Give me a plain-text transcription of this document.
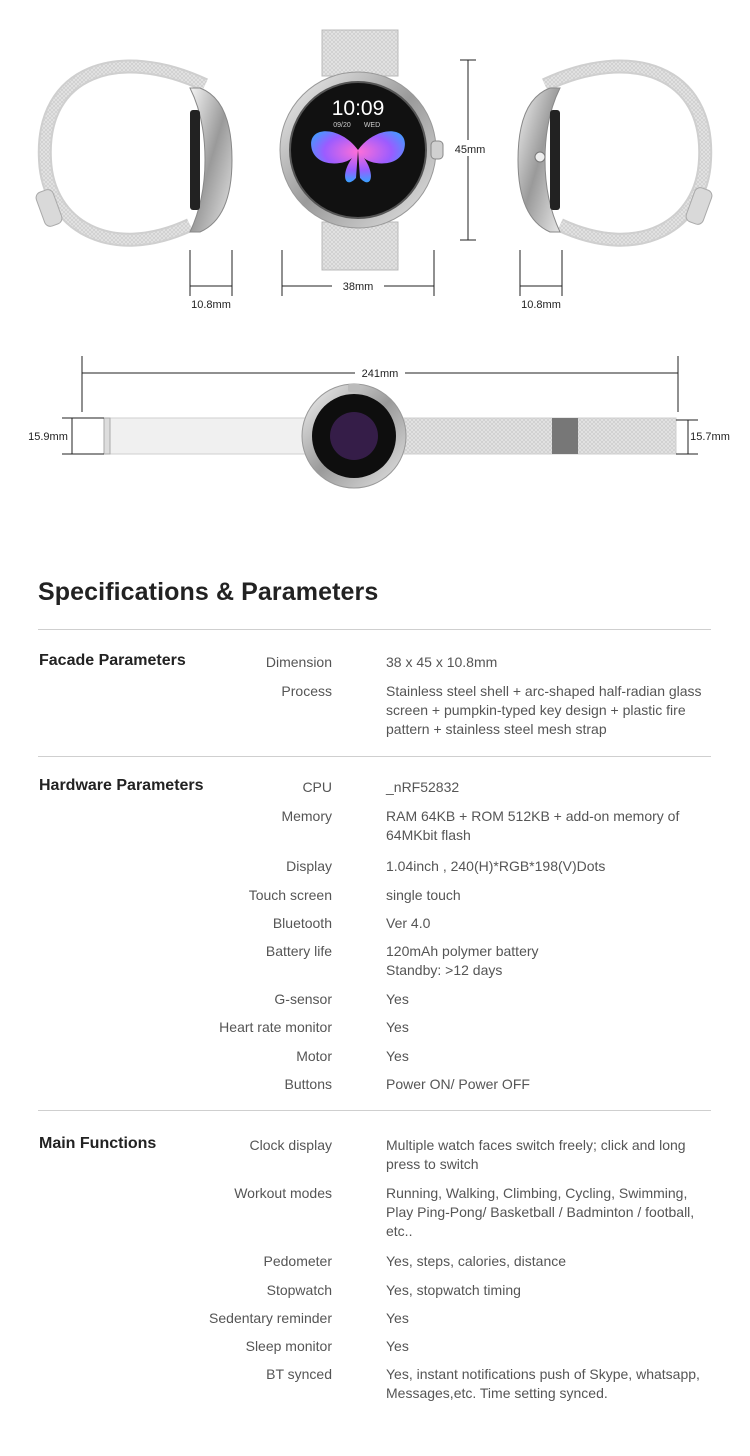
10:09
09/20 WED
45mm
38mm
10.8mm	10.8mm
241mm
15.9mm	15.7mm
Specifications & Parameters
Facade Parameters	Dimension	38 x 45 x 10.8mm
Process	Stainless steel shell + arc-shaped half-radian glass screen + pumpkin-typed key design + plastic fire pattern + stainless steel mesh strap
Hardware Parameters	CPU	_nRF52832
Memory	RAM 64KB + ROM 512KB + add-on memory of 64MKbit flash
Display	1.04inch , 240(H)*RGB*198(V)Dots
Touch screen	single touch
Bluetooth	Ver 4.0
Battery life	120mAh polymer battery
Standby: >12 days
G-sensor	Yes
Heart rate monitor	Yes
Motor	Yes
Buttons	Power ON/ Power OFF
Main Functions	Clock display	Multiple watch faces switch freely; click and long press to switch
Workout modes	Running, Walking, Climbing, Cycling, Swimming, Play Ping-Pong/ Basketball / Badminton / football, etc..
Pedometer	Yes, steps, calories, distance
Stopwatch	Yes, stopwatch timing
Sedentary reminder	Yes
Sleep monitor	Yes
BT synced	Yes, instant notifications push of Skype, whatsapp, Messages,etc. Time setting synced.
